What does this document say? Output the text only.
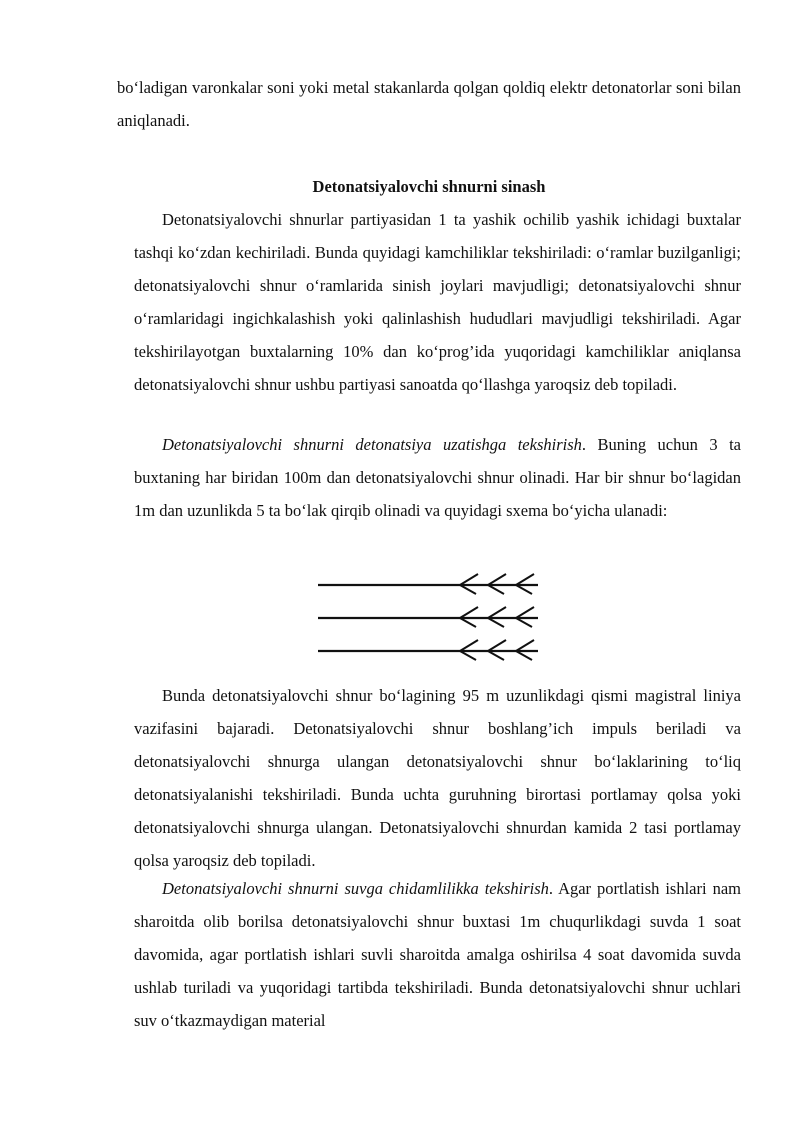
bo‘ladigan varonkalar soni yoki metal stakanlarda qolgan qoldiq elektr detonatorlar soni bilan aniqlanadi.

Detonatsiyalovchi shnurni sinash

Detonatsiyalovchi shnurlar partiyasidan 1 ta yashik ochilib yashik ichidagi buxtalar tashqi ko‘zdan kechiriladi. Bunda quyidagi kamchiliklar tekshiriladi: o‘ramlar buzilganligi; detonatsiyalovchi shnur o‘ramlarida sinish joylari mavjudligi; detonatsiyalovchi shnur o‘ramlaridagi ingichkalashish yoki qalinlashish hududlari mavjudligi tekshiriladi. Agar tekshirilayotgan buxtalarning 10% dan ko‘prog’ida yuqoridagi kamchiliklar aniqlansa detonatsiyalovchi shnur ushbu partiyasi sanoatda qo‘llashga yaroqsiz deb topiladi.

Detonatsiyalovchi shnurni detonatsiya uzatishga tekshirish. Buning uchun 3 ta buxtaning har biridan 100m dan detonatsiyalovchi shnur olinadi. Har bir shnur bo‘lagidan 1m dan uzunlikda 5 ta bo‘lak qirqib olinadi va quyidagi sxema bo‘yicha ulanadi:

Bunda detonatsiyalovchi shnur bo‘lagining 95 m uzunlikdagi qismi magistral liniya vazifasini bajaradi. Detonatsiyalovchi shnur boshlang’ich impuls beriladi va detonatsiyalovchi shnurga ulangan detonatsiyalovchi shnur bo‘laklarining to‘liq detonatsiyalanishi tekshiriladi. Bunda uchta guruhning birortasi portlamay qolsa yoki detonatsiyalovchi shnurga ulangan. Detonatsiyalovchi shnurdan kamida 2 tasi portlamay qolsa yaroqsiz deb topiladi.

Detonatsiyalovchi shnurni suvga chidamlilikka tekshirish. Agar portlatish ishlari nam sharoitda olib borilsa detonatsiyalovchi shnur buxtasi 1m chuqurlikdagi suvda 1 soat davomida, agar portlatish ishlari suvli sharoitda amalga oshirilsa 4 soat davomida suvda ushlab turiladi va yuqoridagi tartibda tekshiriladi. Bunda detonatsiyalovchi shnur uchlari suv o‘tkazmaydigan material
